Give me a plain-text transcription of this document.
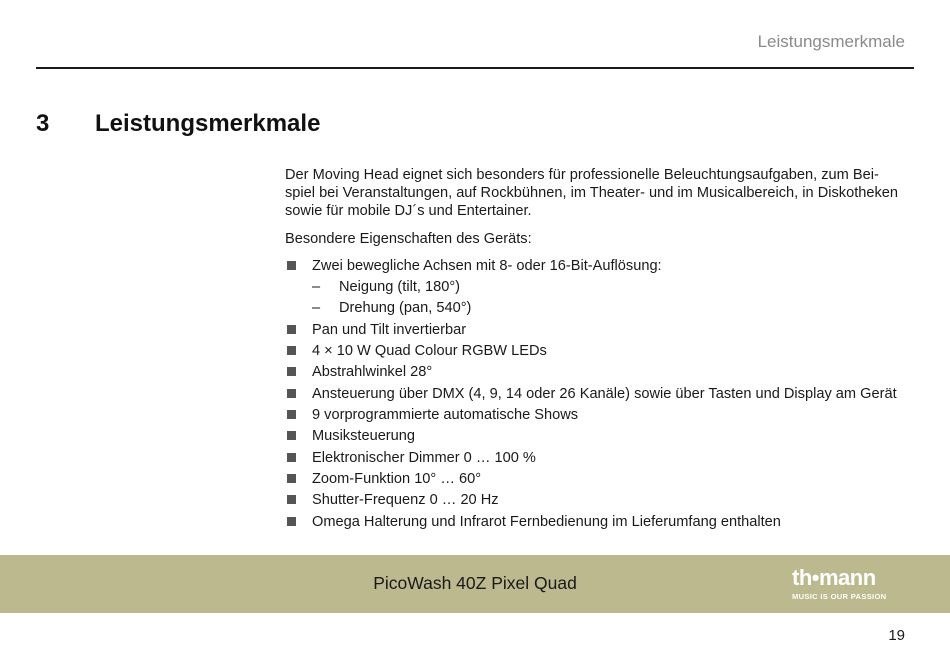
Leistungsmerkmale
3 Leistungsmerkmale

Der Moving Head eignet sich besonders für professionelle Beleuchtungsaufgaben, zum Bei-
spiel bei Veranstaltungen, auf Rockbühnen, im Theater- und im Musicalbereich, in Diskotheken
sowie für mobile DJ´s und Entertainer.

Besondere Eigenschaften des Geräts:

Zwei bewegliche Achsen mit 8- oder 16-Bit-Auflösung:
– Neigung (tilt, 180°)
– Drehung (pan, 540°)
Pan und Tilt invertierbar
4 × 10 W Quad Colour RGBW LEDs
Abstrahlwinkel 28°
Ansteuerung über DMX (4, 9, 14 oder 26 Kanäle) sowie über Tasten und Display am Gerät
9 vorprogrammierte automatische Shows
Musiksteuerung
Elektronischer Dimmer 0 … 100 %
Zoom-Funktion 10° … 60°
Shutter-Frequenz 0 … 20 Hz
Omega Halterung und Infrarot Fernbedienung im Lieferumfang enthalten
PicoWash 40Z Pixel Quad	th•mann
MUSIC IS OUR PASSION
19
